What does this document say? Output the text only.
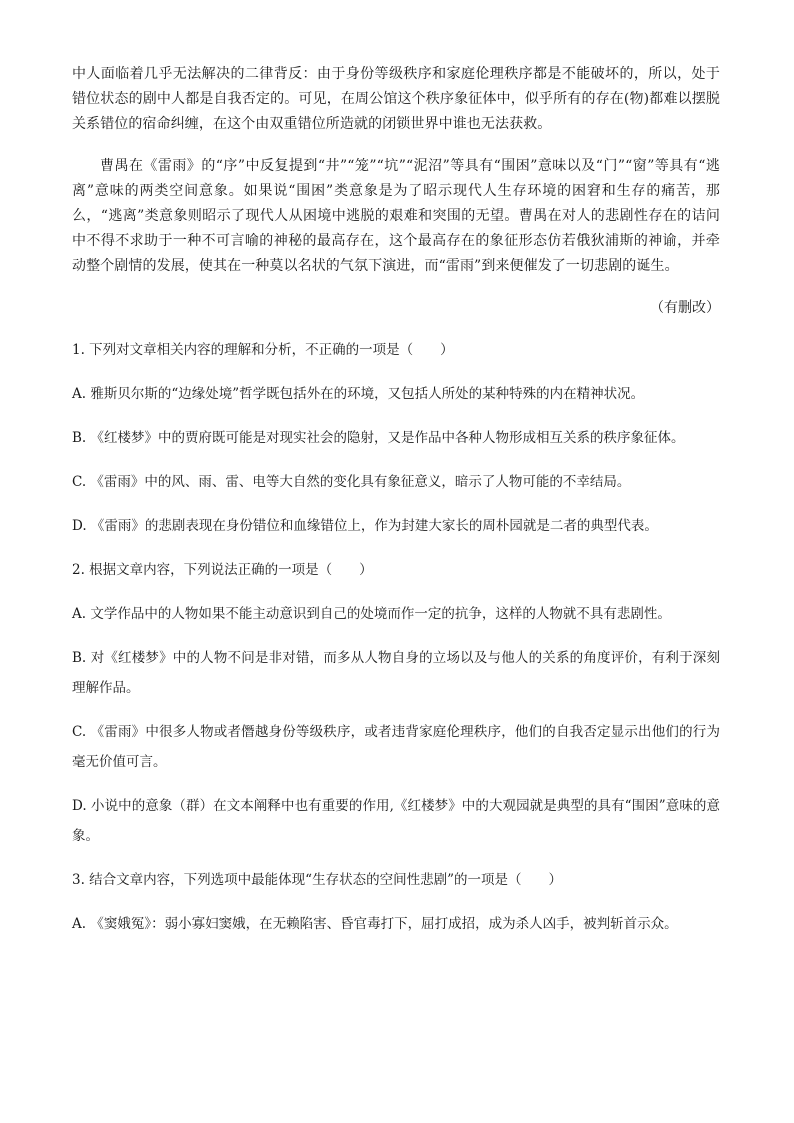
中人面临着几乎无法解决的二律背反：由于身份等级秩序和家庭伦理秩序都是不能破坏的，所以，处于错位状态的剧中人都是自我否定的。可见，在周公馆这个秩序象征体中，似乎所有的存在(物)都难以摆脱关系错位的宿命纠缠，在这个由双重错位所造就的闭锁世界中谁也无法获救。

曹禺在《雷雨》的“序”中反复提到“井”“笼”“坑”“泥沼”等具有“围困”意味以及“门”“窗”等具有“逃离”意味的两类空间意象。如果说“围困”类意象是为了昭示现代人生存环境的困窘和生存的痛苦，那么，“逃离”类意象则昭示了现代人从困境中逃脱的艰难和突围的无望。曹禺在对人的悲剧性存在的诘问中不得不求助于一种不可言喻的神秘的最高存在，这个最高存在的象征形态仿若俄狄浦斯的神谕，并牵动整个剧情的发展，使其在一种莫以名状的气氛下演进，而“雷雨”到来便催发了一切悲剧的诞生。

（有删改）

1. 下列对文章相关内容的理解和分析，不正确的一项是（　　）

A. 雅斯贝尔斯的“边缘处境”哲学既包括外在的环境，又包括人所处的某种特殊的内在精神状况。

B. 《红楼梦》中的贾府既可能是对现实社会的隐射，又是作品中各种人物形成相互关系的秩序象征体。

C. 《雷雨》中的风、雨、雷、电等大自然的变化具有象征意义，暗示了人物可能的不幸结局。

D. 《雷雨》的悲剧表现在身份错位和血缘错位上，作为封建大家长的周朴园就是二者的典型代表。

2. 根据文章内容，下列说法正确的一项是（　　）

A. 文学作品中的人物如果不能主动意识到自己的处境而作一定的抗争，这样的人物就不具有悲剧性。

B. 对《红楼梦》中的人物不问是非对错，而多从人物自身的立场以及与他人的关系的角度评价，有利于深刻理解作品。

C. 《雷雨》中很多人物或者僭越身份等级秩序，或者违背家庭伦理秩序，他们的自我否定显示出他们的行为毫无价值可言。

D. 小说中的意象（群）在文本阐释中也有重要的作用,《红楼梦》中的大观园就是典型的具有“围困”意味的意象。

3. 结合文章内容，下列选项中最能体现“生存状态的空间性悲剧”的一项是（　　）

A. 《窦娥冤》：弱小寡妇窦娥，在无赖陷害、昏官毒打下，屈打成招，成为杀人凶手，被判斩首示众。
